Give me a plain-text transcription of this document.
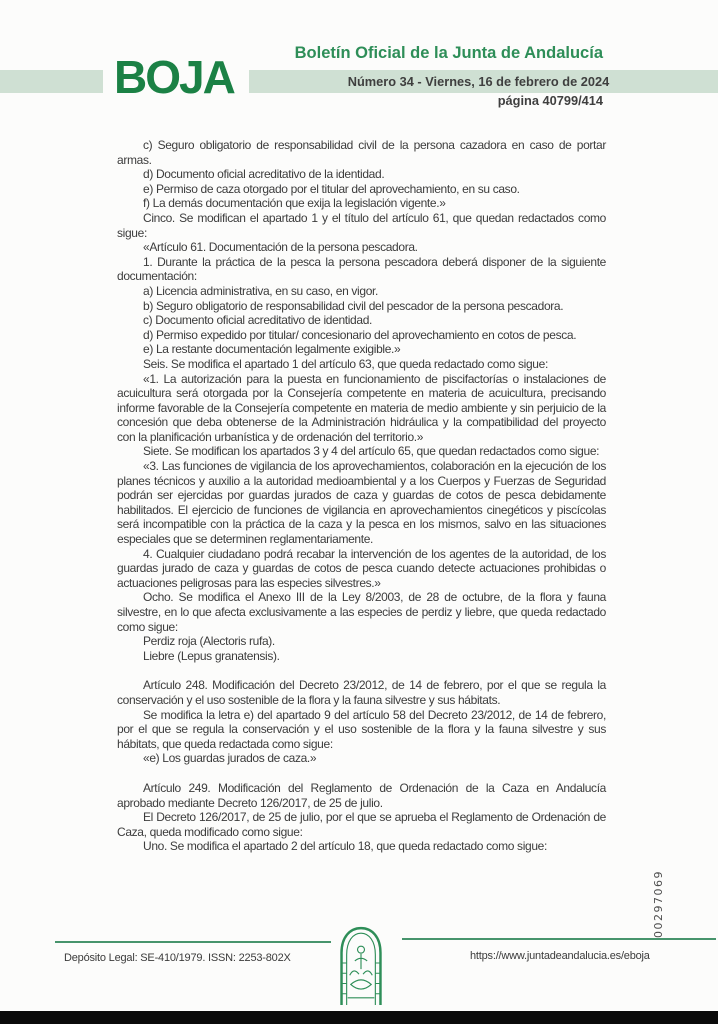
BOJA	Boletín Oficial de la Junta de Andalucía
Número 34 - Viernes, 16 de febrero de 2024
página 40799/414

c) Seguro obligatorio de responsabilidad civil de la persona cazadora en caso de portar armas.

d) Documento oficial acreditativo de la identidad.

e) Permiso de caza otorgado por el titular del aprovechamiento, en su caso.

f) La demás documentación que exija la legislación vigente.»

Cinco. Se modifican el apartado 1 y el título del artículo 61, que quedan redactados como sigue:

«Artículo 61. Documentación de la persona pescadora.

1. Durante la práctica de la pesca la persona pescadora deberá disponer de la siguiente documentación:

a) Licencia administrativa, en su caso, en vigor.

b) Seguro obligatorio de responsabilidad civil del pescador de la persona pescadora.

c) Documento oficial acreditativo de identidad.

d) Permiso expedido por titular/ concesionario del aprovechamiento en cotos de pesca.

e) La restante documentación legalmente exigible.»

Seis. Se modifica el apartado 1 del artículo 63, que queda redactado como sigue:

«1. La autorización para la puesta en funcionamiento de piscifactorías o instalaciones de acuicultura será otorgada por la Consejería competente en materia de acuicultura, precisando informe favorable de la Consejería competente en materia de medio ambiente y sin perjuicio de la concesión que deba obtenerse de la Administración hidráulica y la compatibilidad del proyecto con la planificación urbanística y de ordenación del territorio.»

Siete. Se modifican los apartados 3 y 4 del artículo 65, que quedan redactados como sigue:

«3. Las funciones de vigilancia de los aprovechamientos, colaboración en la ejecución de los planes técnicos y auxilio a la autoridad medioambiental y a los Cuerpos y Fuerzas de Seguridad podrán ser ejercidas por guardas jurados de caza y guardas de cotos de pesca debidamente habilitados. El ejercicio de funciones de vigilancia en aprovechamientos cinegéticos y piscícolas será incompatible con la práctica de la caza y la pesca en los mismos, salvo en las situaciones especiales que se determinen reglamentariamente.

4. Cualquier ciudadano podrá recabar la intervención de los agentes de la autoridad, de los guardas jurado de caza y guardas de cotos de pesca cuando detecte actuaciones prohibidas o actuaciones peligrosas para las especies silvestres.»

Ocho. Se modifica el Anexo III de la Ley 8/2003, de 28 de octubre, de la flora y fauna silvestre, en lo que afecta exclusivamente a las especies de perdiz y liebre, que queda redactado como sigue:

Perdiz roja (Alectoris rufa).

Liebre (Lepus granatensis).

Artículo 248. Modificación del Decreto 23/2012, de 14 de febrero, por el que se regula la conservación y el uso sostenible de la flora y la fauna silvestre y sus hábitats.

Se modifica la letra e) del apartado 9 del artículo 58 del Decreto 23/2012, de 14 de febrero, por el que se regula la conservación y el uso sostenible de la flora y la fauna silvestre y sus hábitats, que queda redactada como sigue:

«e) Los guardas jurados de caza.»

Artículo 249. Modificación del Reglamento de Ordenación de la Caza en Andalucía aprobado mediante Decreto 126/2017, de 25 de julio.

El Decreto 126/2017, de 25 de julio, por el que se aprueba el Reglamento de Ordenación de Caza, queda modificado como sigue:

Uno. Se modifica el apartado 2 del artículo 18, que queda redactado como sigue:

00297069
Depósito Legal: SE-410/1979. ISSN: 2253-802X	https://www.juntadeandalucia.es/eboja
